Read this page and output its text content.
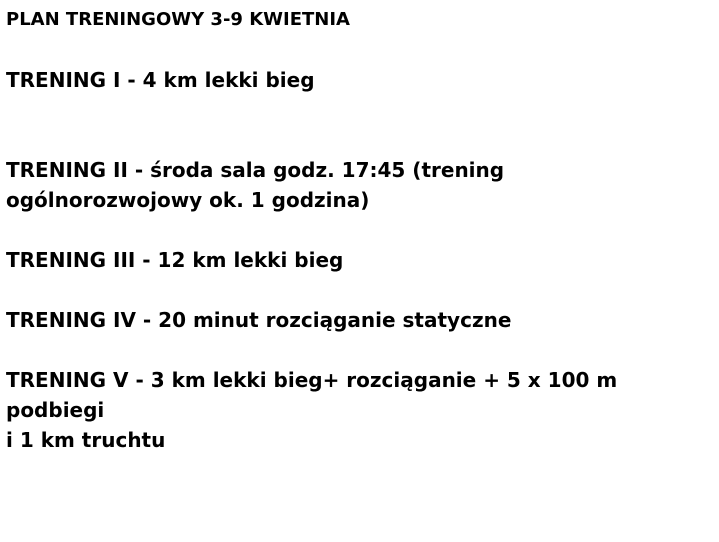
PLAN TRENINGOWY 3-9 KWIETNIA

TRENING I - 4 km lekki bieg

TRENING II - środa sala godz. 17:45 (trening

ogólnorozwojowy ok. 1 godzina)

TRENING III - 12 km lekki bieg

TRENING IV - 20 minut rozciąganie statyczne

TRENING V - 3 km lekki bieg+ rozciąganie + 5 x 100 m

podbiegi

i 1 km truchtu
